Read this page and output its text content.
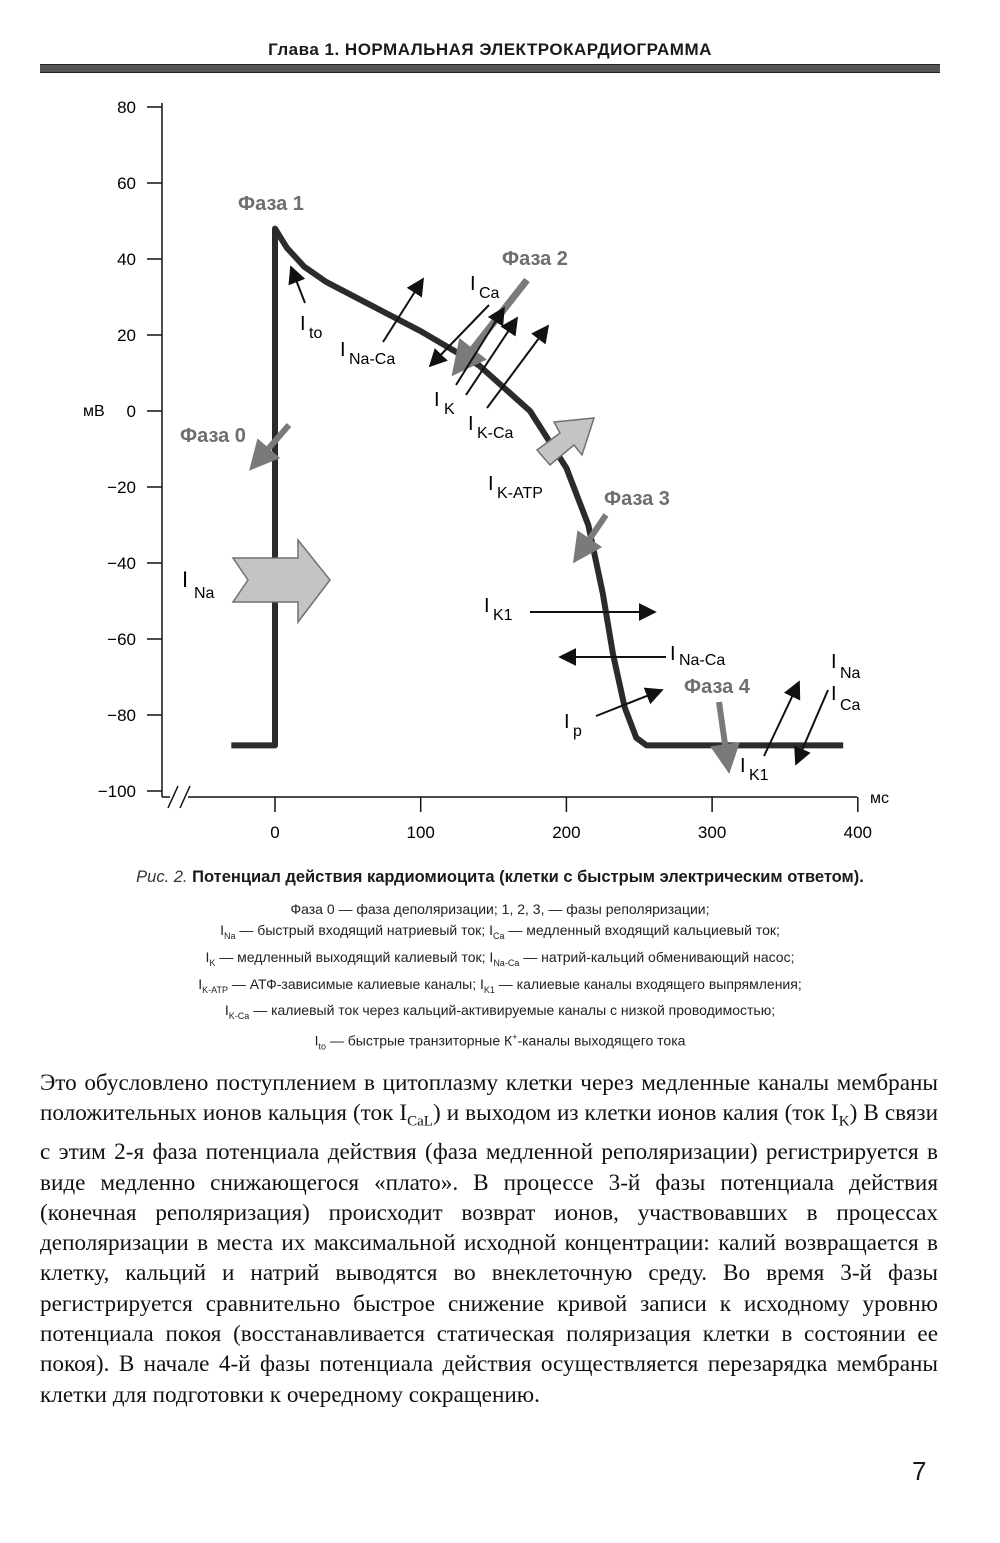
Глава 1. НОРМАЛЬНАЯ ЭЛЕКТРОКАРДИОГРАММА
80
60
40
20
0
−20
−40
−60
−80
−100
0	100	200	300	400
мВ
мс
I
Na
Фаза 1
Фаза 0
Фаза 2
Фаза 3
Фаза 4
I to
I Na-Ca
I Ca
I K
I K-Ca
I K-ATP
I K1
I Na-Ca
I p
I
Na
I
Ca
I K1
Рис. 2. Потенциал действия кардиомиоцита (клетки с быстрым электрическим ответом).
Фаза 0 — фаза деполяризации; 1, 2, 3, — фазы реполяризации;
$I_{Na}$ — быстрый входящий натриевый ток; $I_{Ca}$ — медленный входящий кальциевый ток;
$I_K$ — медленный выходящий калиевый ток; $I_{Na-Ca}$ — натрий-кальций обменивающий насос;
$I_{K-ATP}$ — АТФ-зависимые калиевые каналы; $I_{K1}$ — калиевые каналы входящего выпрямления;
$I_{K-Ca}$ — калиевый ток через кальций-активируемые каналы с низкой проводимостью;
$I_{to}$ — быстрые транзиторные К+-каналы выходящего тока
Это обусловлено поступлением в цитоплазму клетки через медленные каналы мембраны положительных ионов кальция (ток $I_{CaL}$) и выходом из клетки ионов калия (ток $I_K$) В связи с этим 2-я фаза потенциала действия (фаза медленной реполяризации) регистрируется в виде медленно снижающегося «плато». В процессе 3-й фазы потенциала действия (конечная реполяризация) происходит возврат ионов, участвовавших в процессах деполяризации в места их максимальной исходной концентрации: калий возвращается в клетку, кальций и натрий выводятся во внеклеточную среду. Во время 3-й фазы регистрируется сравнительно быстрое снижение кривой записи к исходному уровню потенциала покоя (восстанавливается статическая поляризация клетки в состоянии ее покоя). В начале 4-й фазы потенциала действия осуществляется перезарядка мембраны клетки для подготовки к очередному сокращению.
7
